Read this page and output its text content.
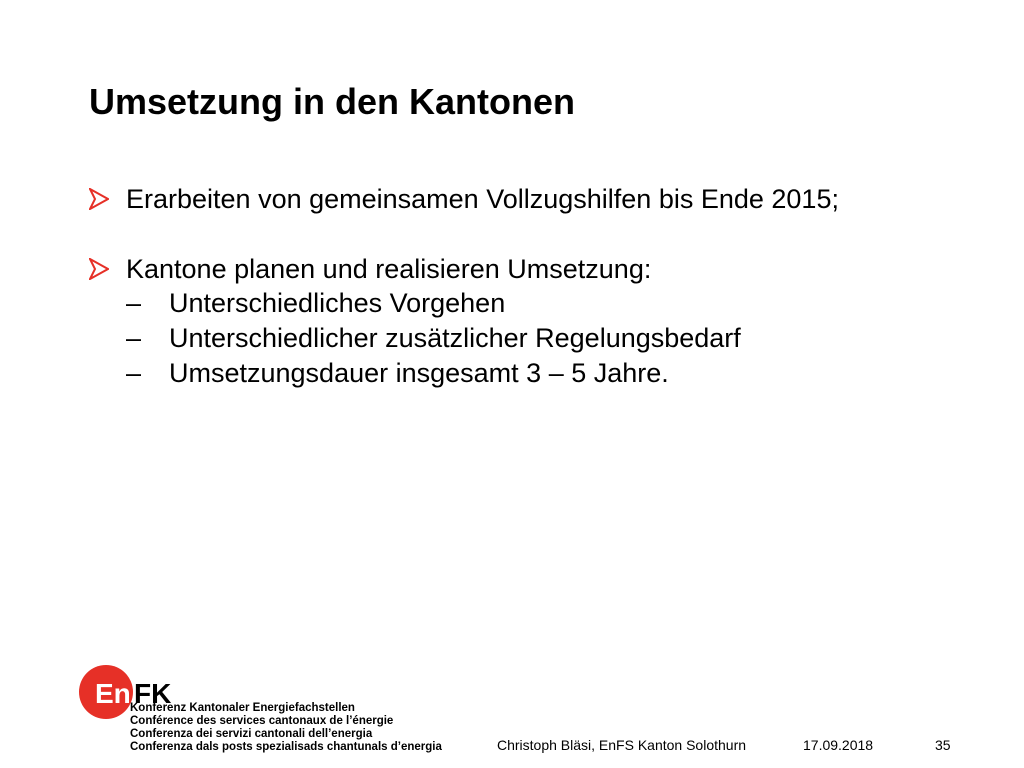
Umsetzung in den Kantonen
Erarbeiten von gemeinsamen Vollzugshilfen bis Ende 2015;
Kantone planen und realisieren Umsetzung:
– Unterschiedliches Vorgehen
– Unterschiedlicher zusätzlicher Regelungsbedarf
– Umsetzungsdauer insgesamt 3 – 5 Jahre.
En FK
Konferenz Kantonaler Energiefachstellen
Conférence des services cantonaux de l’énergie
Conferenza dei servizi cantonali dell’energia
Conferenza dals posts spezialisads chantunals d’energia	Christoph Bläsi, EnFS Kanton Solothurn	17.09.2018	35
